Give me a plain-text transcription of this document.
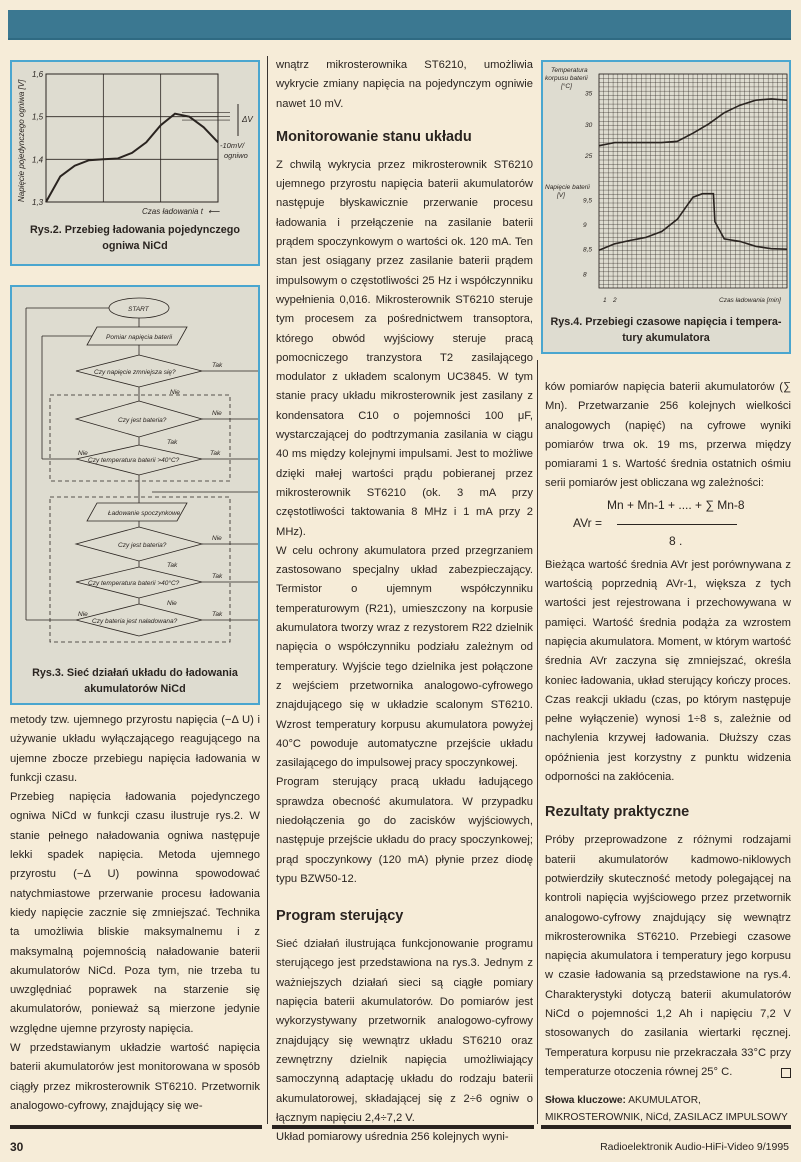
1,3
1,4
1,5
1,6
Napięcie pojedynczego ogniwa [V]
Czas ładowania t ⟵
ΔV
-10mV/
ogniwo
Rys.2. Przebieg ładowania pojedynczego
ogniwa NiCd
START
Pomiar napięcia baterii
Czy napięcie zmniejsza się?
Czy jest bateria?
Czy temperatura baterii >40°C?
Ładowanie spoczynkowe
Czy jest bateria?
Czy temperatura baterii >40°C?
Czy bateria jest naładowana?
Tak
Nie
Nie
Tak
Nie	Tak
Nie
Tak
Tak
Nie
Nie	Tak
Rys.3. Sieć działań układu do ładowania
akumulatorów NiCd
Temperatura
korpusu baterii
[°C]
Napięcie baterii
[V]
35
30
25
9,5
9
8,5
8
1 2	Czas ładowania [min]
Rys.4. Przebiegi czasowe napięcia i tempera-
tury akumulatora

metody tzw. ujemnego przyrostu napięcia (−Δ U) i używanie układu wyłączającego reagującego na ujemne zbocze przebiegu napięcia ładowania w funkcji czasu.

Przebieg napięcia ładowania pojedynczego ogniwa NiCd w funkcji czasu ilustruje rys.2. W stanie pełnego naładowania ogniwa następuje lekki spadek napięcia. Metoda ujemnego przyrostu (−Δ U) powinna spowodować natychmiastowe przerwanie procesu ładowania kiedy napięcie zacznie się zmniejszać. Technika ta umożliwia bliskie maksymalnemu i z maksymalną pojemnością naładowanie baterii akumulatorów NiCd. Poza tym, nie trzeba tu uwzględniać poprawek na starzenie się akumulatorów, ponieważ są mierzone jedynie względne ujemne przyrosty napięcia.

W przedstawianym układzie wartość napięcia baterii akumulatorów jest monitorowana w sposób ciągły przez mikrosterownik ST6210. Przetwornik analogowo-cyfrowy, znajdujący się we-

wnątrz mikrosterownika ST6210, umożliwia wykrycie zmiany napięcia na pojedynczym ogniwie nawet 10 mV.

Monitorowanie stanu układu

Z chwilą wykrycia przez mikrosterownik ST6210 ujemnego przyrostu napięcia baterii akumulatorów następuje błyskawicznie przerwanie procesu ładowania i przełączenie na zasilanie baterii prądem spoczynkowym o wartości ok. 120 mA. Ten stan jest osiągany przez zasilanie baterii prądem impulsowym o częstotliwości 25 Hz i współczynniku wypełnienia 0,016. Mikrosterownik ST6210 steruje tym procesem za pośrednictwem transoptora, którego obwód wyjściowy steruje pracą pomocniczego tranzystora T2 zasilającego modulator z układem scalonym UC3845. W tym stanie pracy układu mikrosterownik jest zasilany z kondensatora C10 o pojemności 100 μF, wystarczającej do podtrzymania zasilania w ciągu 40 ms między kolejnymi impulsami. Jest to możliwe dzięki małej wartości prądu pobieranej przez mikrosterownik ST6210 (ok. 3 mA przy częstotliwości taktowania 8 MHz i 1 mA przy 2 MHz).

W celu ochrony akumulatora przed przegrzaniem zastosowano specjalny układ zabezpieczający. Termistor o ujemnym współczynniku temperaturowym (R21), umieszczony na korpusie akumulatora tworzy wraz z rezystorem R22 dzielnik napięcia o współczynniku podziału zależnym od temperatury. Wyjście tego dzielnika jest połączone z wejściem przetwornika analogowo-cyfrowego znajdującego się w układzie scalonym ST6210. Wzrost temperatury korpusu akumulatora powyżej 40°C powoduje automatyczne przejście układu zasilającego do impulsowej pracy spoczynkowej.

Program sterujący pracą układu ładującego sprawdza obecność akumulatora. W przypadku niedołączenia go do zacisków wyjściowych, następuje przejście układu do pracy spoczynkowej; prąd spoczynkowy (120 mA) płynie przez diodę typu BZW50-12.

Program sterujący

Sieć działań ilustrująca funkcjonowanie programu sterującego jest przedstawiona na rys.3. Jednym z ważniejszych działań sieci są ciągłe pomiary napięcia baterii akumulatorów. Do pomiarów jest wykorzystywany przetwornik analogowo-cyfrowy znajdujący się wewnątrz układu ST6210 oraz zewnętrzny dzielnik napięcia umożliwiający samoczynną adaptację układu do rodzaju baterii akumulatorowej, składającej się z 2÷6 ogniw o łącznym napięciu 2,4÷7,2 V.

Układ pomiarowy uśrednia 256 kolejnych wyni-

ków pomiarów napięcia baterii akumulatorów (∑ Mn). Przetwarzanie 256 kolejnych wielkości analogowych (napięć) na cyfrowe wyniki pomiarów trwa ok. 19 ms, przerwa między pomiarami 1 s. Wartość średnia ostatnich ośmiu serii pomiarów jest obliczana wg zależności:

Mn + Mn-1 + .... + ∑ Mn-8
AVr =
8 .

Bieżąca wartość średnia AVr jest porównywana z wartością poprzednią AVr-1, większa z tych wartości jest rejestrowana i przechowywana w pamięci. Wartość średnia podąża za wzrostem napięcia akumulatora. Moment, w którym wartość średnia AVr zaczyna się zmniejszać, określa koniec ładowania, układ sterujący kończy proces. Czas reakcji układu (czas, po którym następuje pełne wyłączenie) wynosi 1÷8 s, zależnie od nachylenia krzywej ładowania. Dłuższy czas opóźnienia jest korzystny z punktu widzenia odporności na zakłócenia.

Rezultaty praktyczne

Próby przeprowadzone z różnymi rodzajami baterii akumulatorów kadmowo-niklowych potwierdziły skuteczność metody polegającej na kontroli napięcia wyjściowego przez przetwornik analogowo-cyfrowy znajdujący się wewnątrz mikrosterownika ST6210. Przebiegi czasowe napięcia akumulatora i temperatury jego korpusu w czasie ładowania są przedstawione na rys.4. Charakterystyki dotyczą baterii akumulatorów NiCd o pojemności 1,2 Ah i napięciu 7,2 V stosowanych do zasilania wiertarki ręcznej. Temperatura korpusu nie przekraczała 33°C przy temperaturze otoczenia równej 25° C.

Słowa kluczowe: AKUMULATOR, MIKROSTEROWNIK, NiCd, ZASILACZ IMPULSOWY

30	Radioelektronik Audio-HiFi-Video 9/1995
